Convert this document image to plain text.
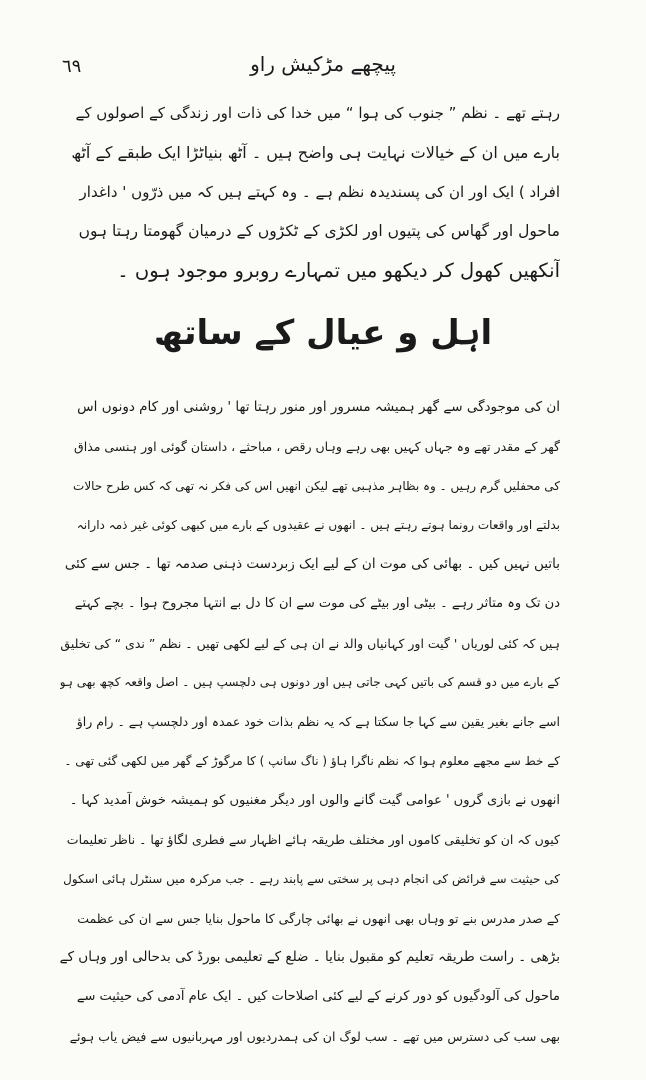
٦٩	پیچھے مڑکیش راو
رہتے تھے ۔ نظم ” جنوب کی ہوا “ میں خدا کی ذات اور زندگی کے اصولوں کے
بارے میں ان کے خیالات نہایت ہی واضح ہیں ۔ آٹھ بنیاٹڑا ایک طبقے کے آٹھ
افراد ) ایک اور ان کی پسندیدہ نظم ہے ۔ وہ کہتے ہیں کہ میں ذرّوں ' داغدار
ماحول اور گھاس کی پتیوں اور لکڑی کے ٹکڑوں کے درمیان گھومتا رہتا ہوں
آنکھیں کھول کر دیکھو میں تمہارے روبرو موجود ہوں ۔
اہل و عیال کے ساتھ
ان کی موجودگی سے گھر ہمیشہ مسرور اور منور رہتا تھا ' روشنی اور کام دونوں اس
گھر کے مقدر تھے وہ جہاں کہیں بھی رہے وہاں رقص ، مباحثے ، داستان گوئی اور ہنسی مذاق
کی محفلیں گرم رہیں ۔ وہ بظاہر مذہبی تھے لیکن انھیں اس کی فکر نہ تھی کہ کس طرح حالات
بدلتے اور واقعات رونما ہوتے رہتے ہیں ۔ انھوں نے عقیدوں کے بارے میں کبھی کوئی غیر ذمہ دارانہ
باتیں نہیں کیں ۔ بھائی کی موت ان کے لیے ایک زبردست ذہنی صدمہ تھا ۔ جس سے کئی
دن تک وہ متاثر رہے ۔ بیٹی اور بیٹے کی موت سے ان کا دل بے انتہا مجروح ہوا ۔ بچے کہتے
ہیں کہ کئی لوریاں ' گیت اور کہانیاں والد نے ان ہی کے لیے لکھی تھیں ۔ نظم ” ندی “ کی تخلیق
کے بارے میں دو قسم کی باتیں کہی جاتی ہیں اور دونوں ہی دلچسپ ہیں ۔ اصل واقعہ کچھ بھی ہو
اسے جانے بغیر یقین سے کہا جا سکتا ہے کہ یہ نظم بذات خود عمدہ اور دلچسپ ہے ۔ رام راؤ
کے خط سے مجھے معلوم ہوا کہ نظم ناگرا ہاؤ ( ناگ سانپ ) کا مرگوڑ کے گھر میں لکھی گئی تھی ۔
انھوں نے بازی گروں ' عوامی گیت گانے والوں اور دیگر مغنیوں کو ہمیشہ خوش آمدید کہا ۔
کیوں کہ ان کو تخلیقی کاموں اور مختلف طریقہ ہائے اظہار سے فطری لگاؤ تھا ۔ ناظر تعلیمات
کی حیثیت سے فرائض کی انجام دہی پر سختی سے پابند رہے ۔ جب مرکرہ میں سنٹرل ہائی اسکول
کے صدر مدرس بنے تو وہاں بھی انھوں نے بھائی چارگی کا ماحول بنایا جس سے ان کی عظمت
بڑھی ۔ راست طریقہ تعلیم کو مقبول بنایا ۔ ضلع کے تعلیمی بورڈ کی بدحالی اور وہاں کے
ماحول کی آلودگیوں کو دور کرنے کے لیے کئی اصلاحات کیں ۔ ایک عام آدمی کی حیثیت سے
بھی سب کی دسترس میں تھے ۔ سب لوگ ان کی ہمدردیوں اور مہربانیوں سے فیض یاب ہوئے
